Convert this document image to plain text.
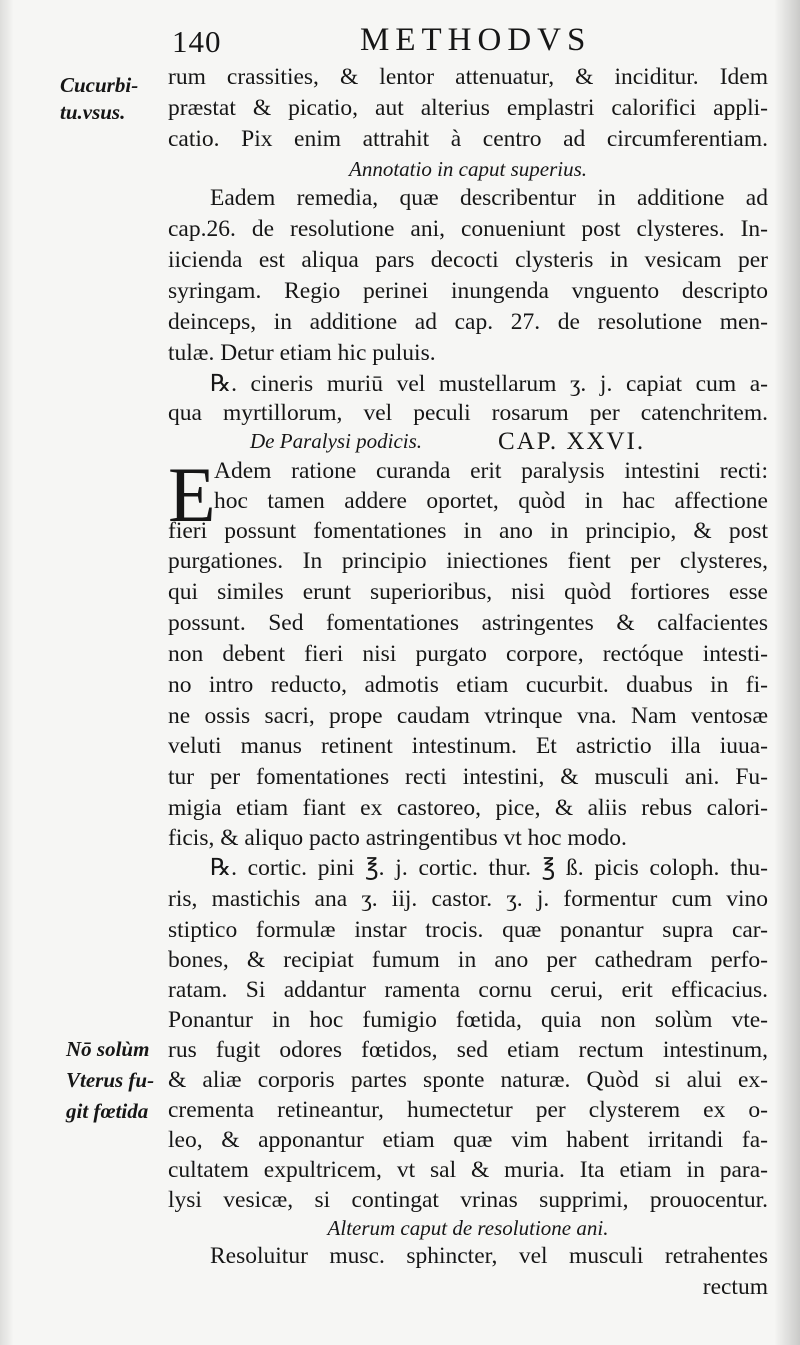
140	METHODVS
Cucurbi-
tu.vsus.
Nō solùm
Vterus fu-
git fœtida
rum crassities, & lentor attenuatur, & inciditur. Idem
præstat & picatio, aut alterius emplastri calorifici appli-
catio. Pix enim attrahit à centro ad circumferentiam.
Annotatio in caput superius.
Eadem remedia, quæ describentur in additione ad
cap.26. de resolutione ani, conueniunt post clysteres. In-
iicienda est aliqua pars decocti clysteris in vesicam per
syringam. Regio perinei inungenda vnguento descripto
deinceps, in additione ad cap. 27. de resolutione men-
tulæ. Detur etiam hic puluis.
℞. cineris muriū vel mustellarum ʒ. j. capiat cum a-
qua myrtillorum, vel peculi rosarum per catenchritem.
De Paralysi podicis.	CAP. XXVI.
E
Adem ratione curanda erit paralysis intestini recti:
hoc tamen addere oportet, quòd in hac affectione
fieri possunt fomentationes in ano in principio, & post
purgationes. In principio iniectiones fient per clysteres,
qui similes erunt superioribus, nisi quòd fortiores esse
possunt. Sed fomentationes astringentes & calfacientes
non debent fieri nisi purgato corpore, rectóque intesti-
no intro reducto, admotis etiam cucurbit. duabus in fi-
ne ossis sacri, prope caudam vtrinque vna. Nam ventosæ
veluti manus retinent intestinum. Et astrictio illa iuua-
tur per fomentationes recti intestini, & musculi ani. Fu-
migia etiam fiant ex castoreo, pice, & aliis rebus calori-
ficis, & aliquo pacto astringentibus vt hoc modo.
℞. cortic. pini ℥. j. cortic. thur. ℥ ß. picis coloph. thu-
ris, mastichis ana ʒ. iij. castor. ʒ. j. formentur cum vino
stiptico formulæ instar trocis. quæ ponantur supra car-
bones, & recipiat fumum in ano per cathedram perfo-
ratam. Si addantur ramenta cornu cerui, erit efficacius.
Ponantur in hoc fumigio fœtida, quia non solùm vte-
rus fugit odores fœtidos, sed etiam rectum intestinum,
& aliæ corporis partes sponte naturæ. Quòd si alui ex-
crementa retineantur, humectetur per clysterem ex o-
leo, & apponantur etiam quæ vim habent irritandi fa-
cultatem expultricem, vt sal & muria. Ita etiam in para-
lysi vesicæ, si contingat vrinas supprimi, prouocentur.
Alterum caput de resolutione ani.
Resoluitur musc. sphincter, vel musculi retrahentes
rectum
